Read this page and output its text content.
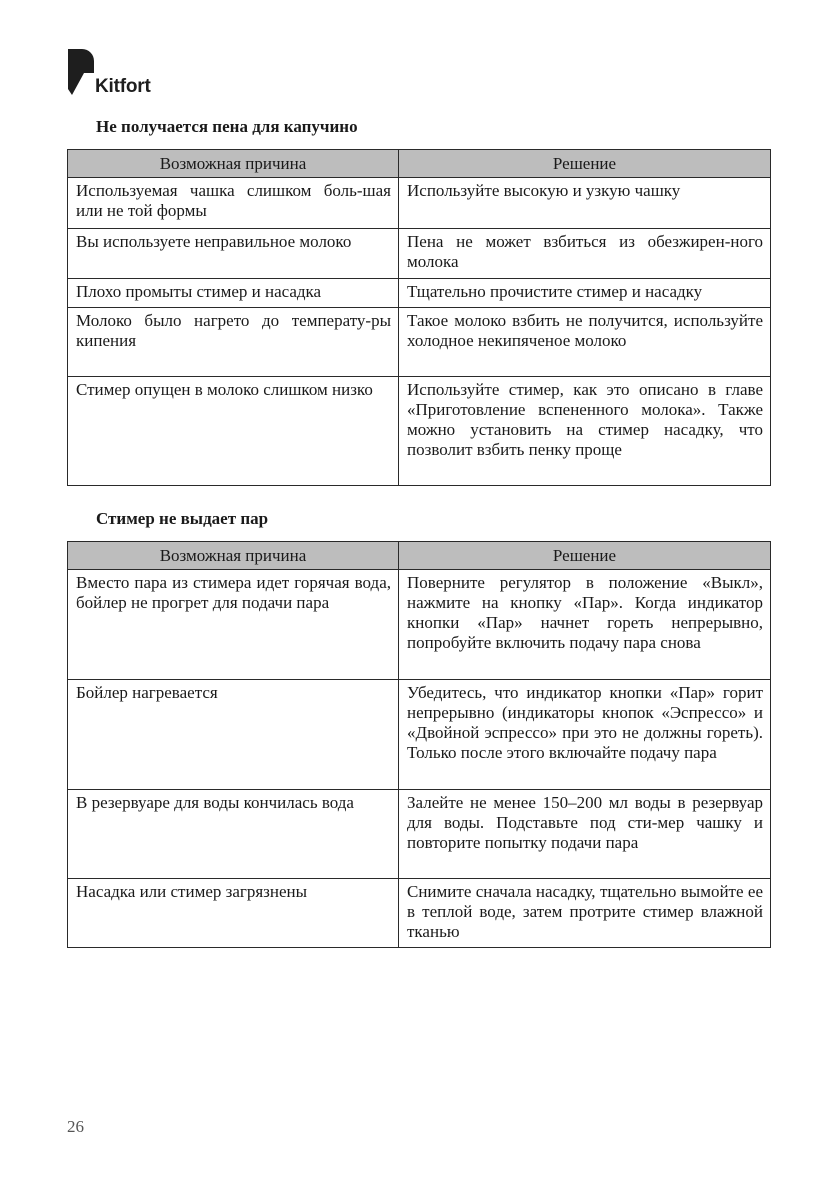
Kitfort
Не получается пена для капучино
Возможная причина	Решение
Используемая чашка слишком боль-шая или не той формы	Используйте высокую и узкую чашку
Вы используете неправильное молоко	Пена не может взбиться из обезжирен-ного молока
Плохо промыты стимер и насадка	Тщательно прочистите стимер и насадку
Молоко было нагрето до температу-ры кипения	Такое молоко взбить не получится, используйте холодное некипяченое молоко
Стимер опущен в молоко слишком низко	Используйте стимер, как это описано в главе «Приготовление вспененного молока». Также можно установить на стимер насадку, что позволит взбить пенку проще
Стимер не выдает пар
Возможная причина	Решение
Вместо пара из стимера идет горячая вода, бойлер не прогрет для подачи пара	Поверните регулятор в положение «Выкл», нажмите на кнопку «Пар». Когда индикатор кнопки «Пар» начнет гореть непрерывно, попробуйте включить подачу пара снова
Бойлер нагревается	Убедитесь, что индикатор кнопки «Пар» горит непрерывно (индикаторы кнопок «Эспрессо» и «Двойной эспрессо» при это не должны гореть). Только после этого включайте подачу пара
В резервуаре для воды кончилась вода	Залейте не менее 150–200 мл воды в резервуар для воды. Подставьте под сти-мер чашку и повторите попытку подачи пара
Насадка или стимер загрязнены	Снимите сначала насадку, тщательно вымойте ее в теплой воде, затем протрите стимер влажной тканью
26
